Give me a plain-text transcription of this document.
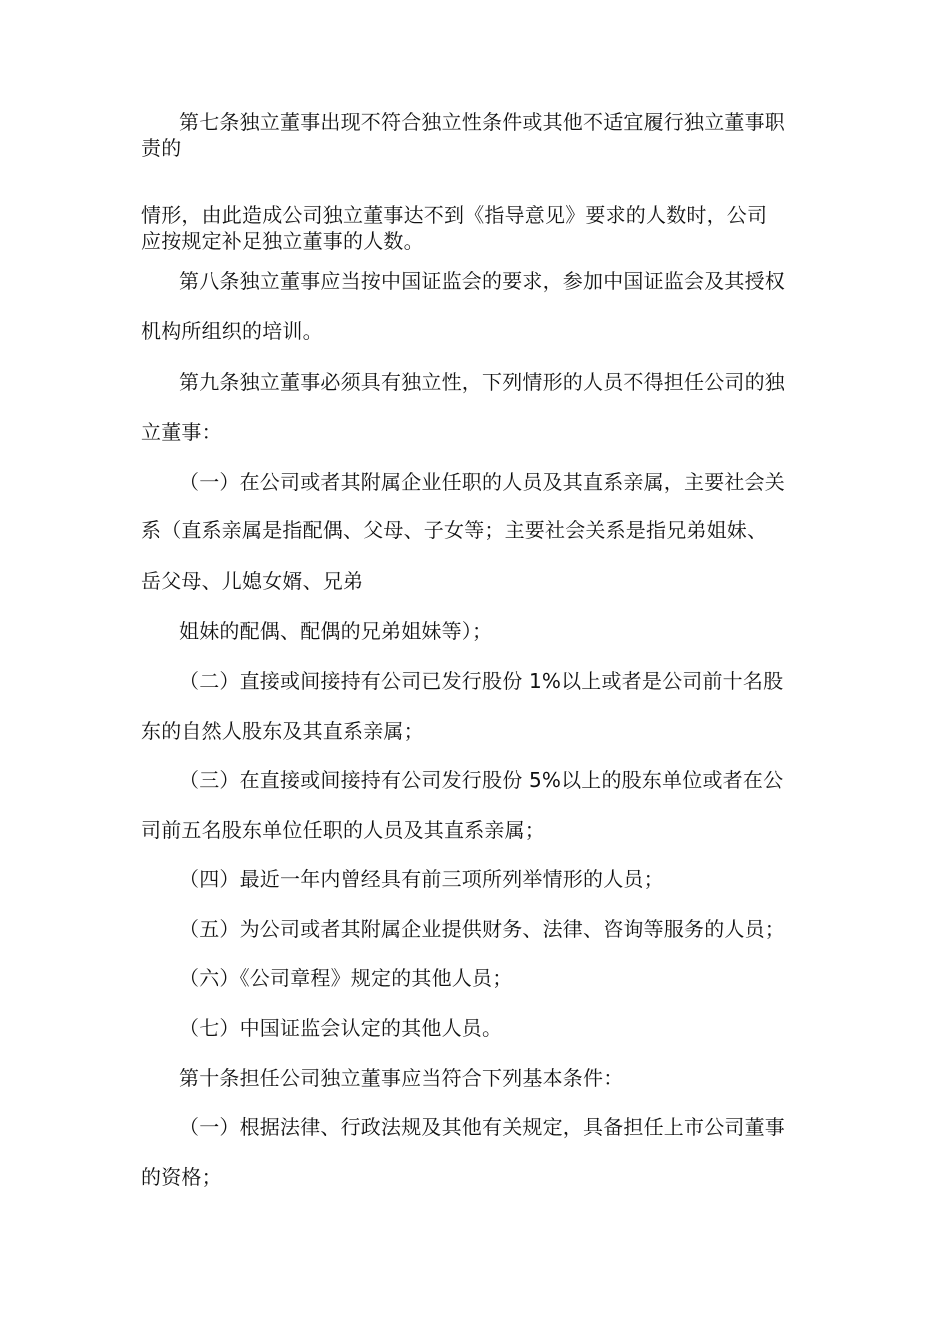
第七条独立董事出现不符合独立性条件或其他不适宜履行独立董事职

责的

情形，由此造成公司独立董事达不到《指导意见》要求的人数时，公司

应按规定补足独立董事的人数。

第八条独立董事应当按中国证监会的要求，参加中国证监会及其授权

机构所组织的培训。

第九条独立董事必须具有独立性，下列情形的人员不得担任公司的独

立董事：

（一）在公司或者其附属企业任职的人员及其直系亲属，主要社会关

系（直系亲属是指配偶、父母、子女等；主要社会关系是指兄弟姐妹、

岳父母、儿媳女婿、兄弟

姐妹的配偶、配偶的兄弟姐妹等）；

（二）直接或间接持有公司已发行股份 1%以上或者是公司前十名股

东的自然人股东及其直系亲属；

（三）在直接或间接持有公司发行股份 5%以上的股东单位或者在公

司前五名股东单位任职的人员及其直系亲属；

（四）最近一年内曾经具有前三项所列举情形的人员；

（五）为公司或者其附属企业提供财务、法律、咨询等服务的人员；

（六）《公司章程》规定的其他人员；

（七）中国证监会认定的其他人员。

第十条担任公司独立董事应当符合下列基本条件：

（一）根据法律、行政法规及其他有关规定，具备担任上市公司董事

的资格；
